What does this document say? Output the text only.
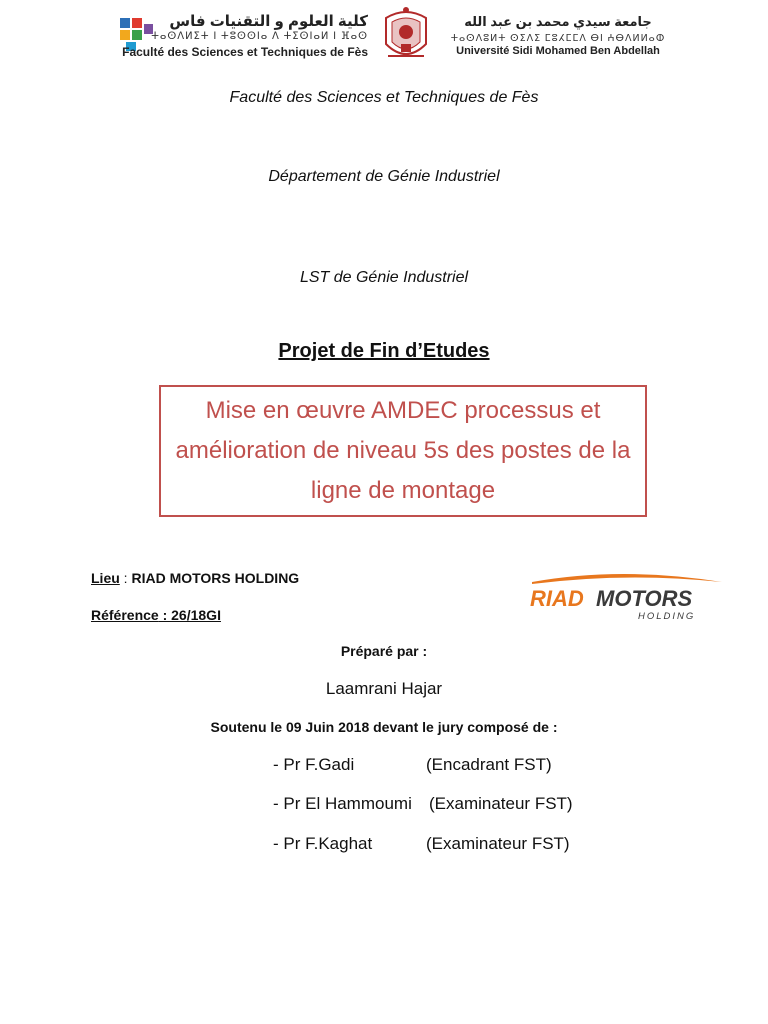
كلية العلوم و التقنيات فاس
ⵜⴰⵙⴷⵍⵉⵜ ⵏ ⵜⵓⵙⵙⵏⴰ ⴷ ⵜⵉⵙⵏⴰⵍ ⵏ ⴼⴰⵙ
Faculté des Sciences et Techniques de Fès
جامعة سيدي محمد بن عبد الله
ⵜⴰⵙⴷⵓⵍⵜ ⵙⵉⴷⵉ ⵎⵓⵃⵎⵎⴷ ⴱⵏ ⵄⴱⴷⵍⵍⴰⵀ
Université Sidi Mohamed Ben Abdellah
Faculté des Sciences et Techniques de Fès
Département de Génie Industriel
LST de Génie Industriel
Projet de Fin d’Etudes
Mise en œuvre AMDEC processus et amélioration de niveau 5s des postes de la ligne de montage
Lieu : RIAD MOTORS HOLDING
Référence : 26/18GI
RIAD MOTORS
HOLDING
Préparé par :
Laamrani Hajar
Soutenu le 09 Juin 2018 devant le jury composé de :
- Pr F.Gadi	(Encadrant FST)
- Pr El Hammoumi (Examinateur FST)
- Pr F.Kaghat	(Examinateur FST)
